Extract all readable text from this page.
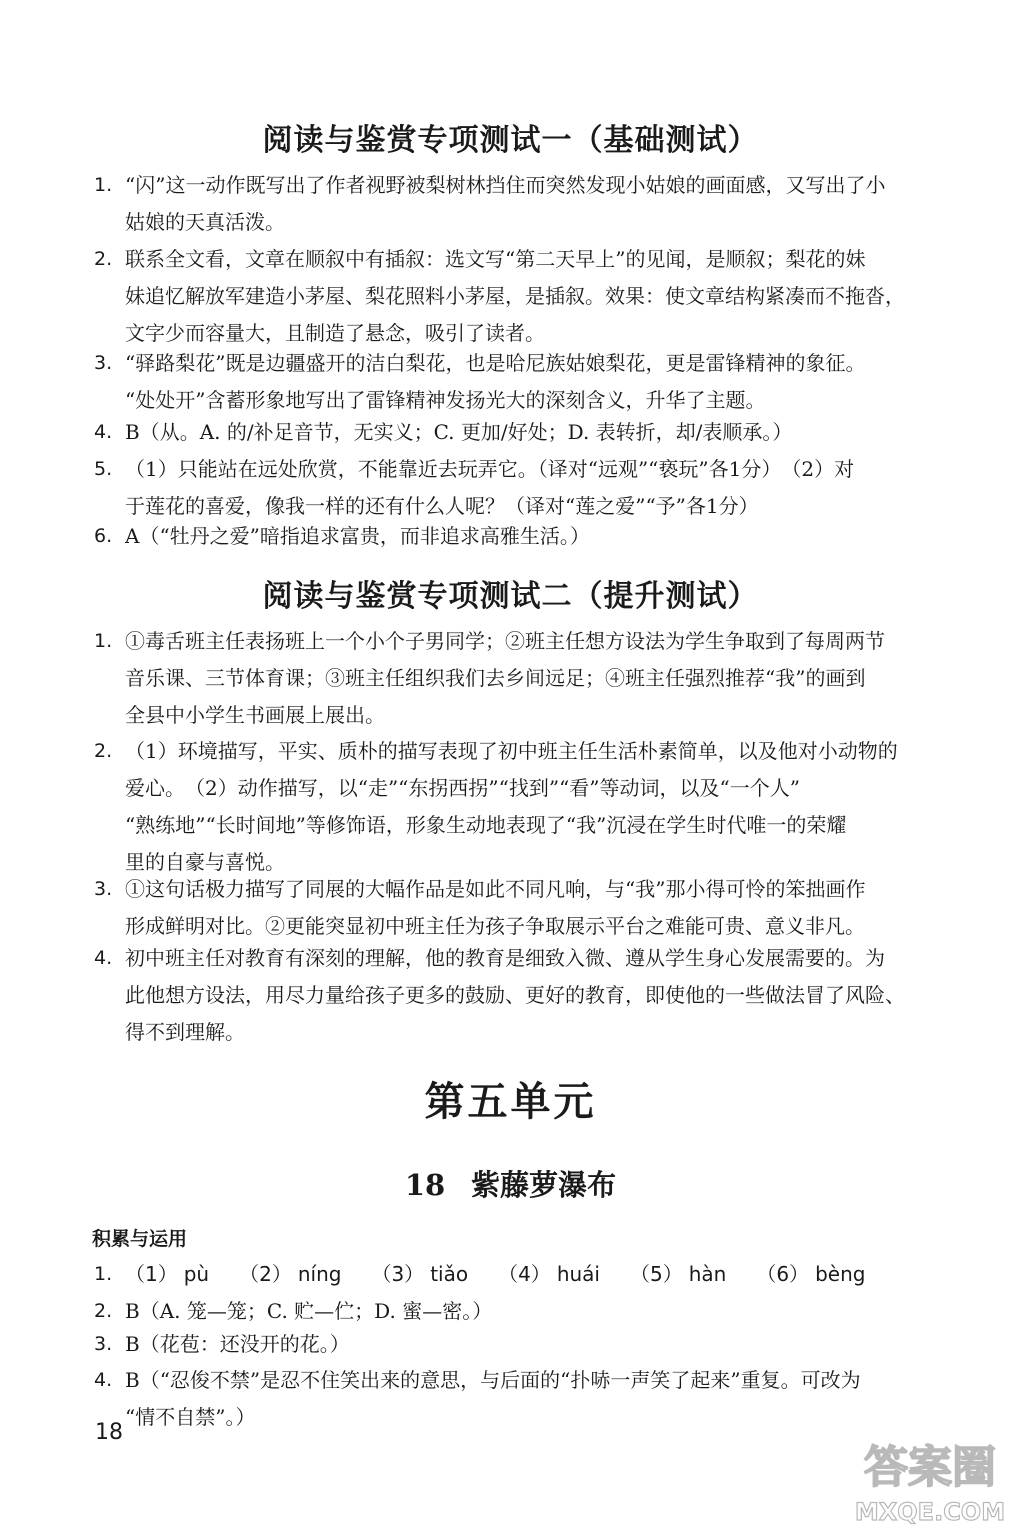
阅读与鉴赏专项测试一（基础测试）
1. “闪”这一动作既写出了作者视野被梨树林挡住而突然发现小姑娘的画面感，又写出了小
姑娘的天真活泼。
2. 联系全文看，文章在顺叙中有插叙：选文写“第二天早上”的见闻，是顺叙；梨花的妹
妹追忆解放军建造小茅屋、梨花照料小茅屋，是插叙。效果：使文章结构紧凑而不拖沓，
文字少而容量大，且制造了悬念，吸引了读者。
3. “驿路梨花”既是边疆盛开的洁白梨花，也是哈尼族姑娘梨花，更是雷锋精神的象征。
“处处开”含蓄形象地写出了雷锋精神发扬光大的深刻含义，升华了主题。
4. B（从。A. 的/补足音节，无实义；C. 更加/好处；D. 表转折，却/表顺承。）
5. （1）只能站在远处欣赏，不能靠近去玩弄它。（译对“远观”“亵玩”各1分）　（2）对
于莲花的喜爱，像我一样的还有什么人呢？（译对“莲之爱”“予”各1分）
6. A（“牡丹之爱”暗指追求富贵，而非追求高雅生活。）
阅读与鉴赏专项测试二（提升测试）
1. ①毒舌班主任表扬班上一个小个子男同学；②班主任想方设法为学生争取到了每周两节
音乐课、三节体育课；③班主任组织我们去乡间远足；④班主任强烈推荐“我”的画到
全县中小学生书画展上展出。
2. （1）环境描写，平实、质朴的描写表现了初中班主任生活朴素简单，以及他对小动物的
爱心。　（2）动作描写，以“走”“东拐西拐”“找到”“看”等动词，以及“一个人”
“熟练地”“长时间地”等修饰语，形象生动地表现了“我”沉浸在学生时代唯一的荣耀
里的自豪与喜悦。
3. ①这句话极力描写了同展的大幅作品是如此不同凡响，与“我”那小得可怜的笨拙画作
形成鲜明对比。②更能突显初中班主任为孩子争取展示平台之难能可贵、意义非凡。
4. 初中班主任对教育有深刻的理解，他的教育是细致入微、遵从学生身心发展需要的。为
此他想方设法，用尽力量给孩子更多的鼓励、更好的教育，即使他的一些做法冒了风险、
得不到理解。
第五单元
18 紫藤萝瀑布
积累与运用
1. （1） pù （2） níng （3） tiǎo （4） huái （5） hàn （6） bèng
2. B（A. 笼—笼；C. 贮—伫；D. 蜜—密。）
3. B（花苞：还没开的花。）
4. B（“忍俊不禁”是忍不住笑出来的意思，与后面的“扑哧一声笑了起来”重复。可改为
“情不自禁”。）
18
答案圈
MXQE.COM
